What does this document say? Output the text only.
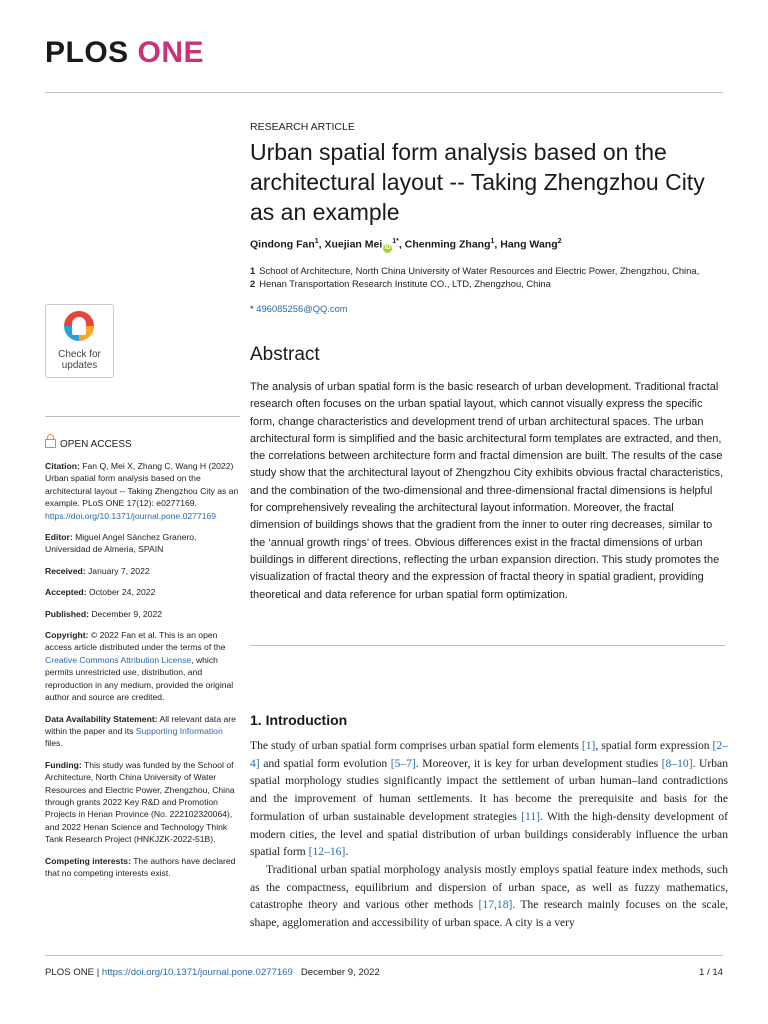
PLOS ONE
RESEARCH ARTICLE
Urban spatial form analysis based on the architectural layout -- Taking Zhengzhou City as an example
Qindong Fan$^1$, Xuejian Mei $iD^{1*}$, Chenming Zhang$^1$, Hang Wang$^2$
1 School of Architecture, North China University of Water Resources and Electric Power, Zhengzhou, China,
2 Henan Transportation Research Institute CO., LTD, Zhengzhou, China
* 496085256@QQ.com
Check for
updates
OPEN ACCESS

Citation: Fan Q, Mei X, Zhang C, Wang H (2022) Urban spatial form analysis based on the architectural layout -- Taking Zhengzhou City as an example. PLoS ONE 17(12): e0277169. https://doi.org/10.1371/journal.pone.0277169

Editor: Miguel Angel Sánchez Granero, Universidad de Almeria, SPAIN

Received: January 7, 2022

Accepted: October 24, 2022

Published: December 9, 2022

Copyright: © 2022 Fan et al. This is an open access article distributed under the terms of the Creative Commons Attribution License, which permits unrestricted use, distribution, and reproduction in any medium, provided the original author and source are credited.

Data Availability Statement: All relevant data are within the paper and its Supporting Information files.

Funding: This study was funded by the School of Architecture, North China University of Water Resources and Electric Power, Zhengzhou, China through grants 2022 Key R&D and Promotion Projects in Henan Province (No. 222102320064), and 2022 Henan Science and Technology Think Tank Research Project (HNKJZK-2022-51B).

Competing interests: The authors have declared that no competing interests exist.

Abstract

The analysis of urban spatial form is the basic research of urban development. Traditional fractal research often focuses on the urban spatial layout, which cannot visually express the specific form, change characteristics and development trend of urban architectural spaces. The urban architectural form is simplified and the basic architectural form templates are extracted, and then, the correlations between architecture form and fractal dimension are built. The results of the case study show that the architectural layout of Zhengzhou City exhibits obvious fractal characteristics, and the combination of the two-dimensional and three-dimensional fractal dimensions is helpful for comprehensively revealing the architectural layout information. Moreover, the fractal dimension of buildings shows that the gradient from the inner to outer ring decreases, similar to the ‘annual growth rings’ of trees. Obvious differences exist in the fractal dimensions of urban buildings in different directions, reflecting the urban expansion direction. This study promotes the visualization of fractal theory and the expression of fractal theory in spatial gradient, providing theoretical and data reference for urban spatial form optimization.

1. Introduction

The study of urban spatial form comprises urban spatial form elements [1], spatial form expression [2–4] and spatial form evolution [5–7]. Moreover, it is key for urban development studies [8–10]. Urban spatial morphology studies significantly impact the settlement of urban human–land contradictions and the improvement of human settlements. It has become the prerequisite and basis for the formulation of urban sustainable development strategies [11]. With the high-density development of modern cities, the level and spatial distribution of urban buildings considerably influence the urban spatial form [12–16].

Traditional urban spatial morphology analysis mostly employs spatial feature index methods, such as the compactness, equilibrium and dispersion of urban space, as well as fuzzy mathematics, catastrophe theory and various other methods [17,18]. The research mainly focuses on the scale, shape, agglomeration and accessibility of urban space. A city is a very

PLOS ONE | https://doi.org/10.1371/journal.pone.0277169 December 9, 2022	1 / 14
